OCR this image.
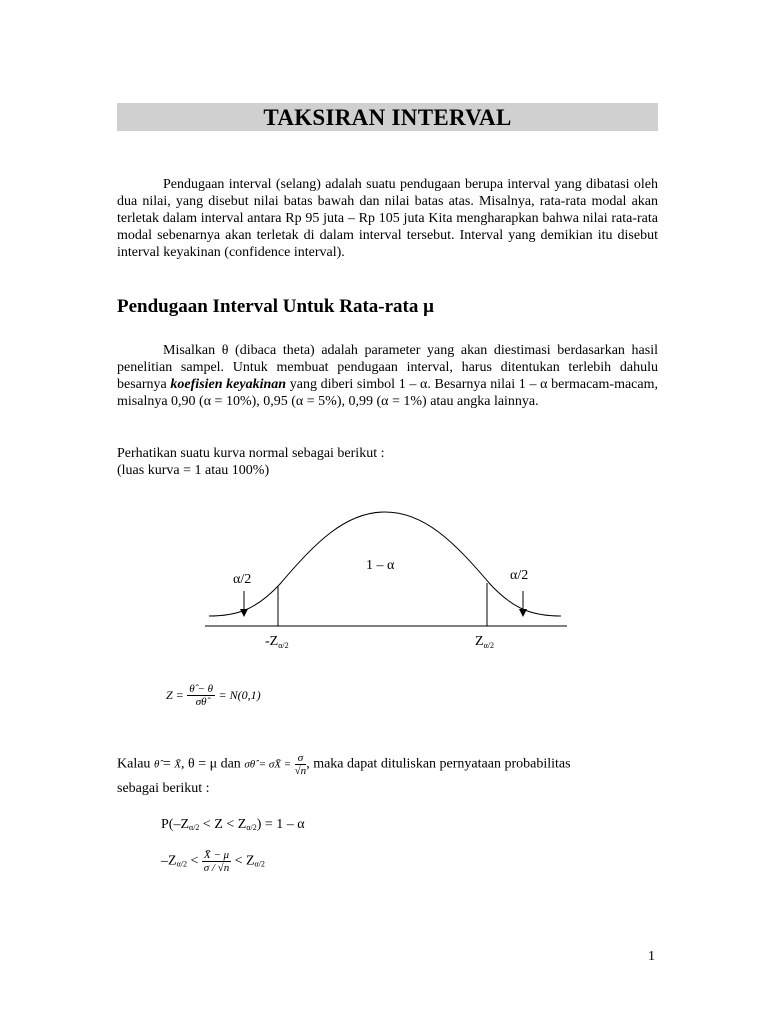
TAKSIRAN INTERVAL

Pendugaan interval (selang) adalah suatu pendugaan berupa interval yang dibatasi oleh dua nilai, yang disebut nilai batas bawah dan nilai batas atas. Misalnya, rata-rata modal akan terletak dalam interval antara Rp 95 juta – Rp 105 juta Kita mengharapkan bahwa nilai rata-rata modal sebenarnya akan terletak di dalam interval tersebut. Interval yang demikian itu disebut interval keyakinan (confidence interval).

Pendugaan Interval Untuk Rata-rata μ

Misalkan θ (dibaca theta) adalah parameter yang akan diestimasi berdasarkan hasil penelitian sampel. Untuk membuat pendugaan interval, harus ditentukan terlebih dahulu besarnya koefisien keyakinan yang diberi simbol 1 – α. Besarnya nilai 1 – α bermacam-macam, misalnya 0,90 (α = 10%), 0,95 (α = 5%), 0,99 (α = 1%) atau angka lainnya.

Perhatikan suatu kurva normal sebagai berikut :

(luas kurva = 1 atau 100%)

1 – α
α/2	α/2
$-Z_{\alpha/2}$	$Z_{\alpha/2}$
$Z = \frac{\thetâ - \theta}{\sigma\thetâ} = N(0,1)$
Kalau θ̂ = X̄, θ = μ dan σθ̂ = σX̄ = $\frac{\sigma}{√n}$ , maka dapat dituliskan pernyataan probabilitas

sebagai berikut :

$P(-Z_{\alpha/2} < Z < Z_{\alpha/2}) = 1 - \alpha$
$-Z_{\alpha/2} < \frac{X̄ - \mu}{\sigma / √n} < Z_{\alpha/2}$
1
